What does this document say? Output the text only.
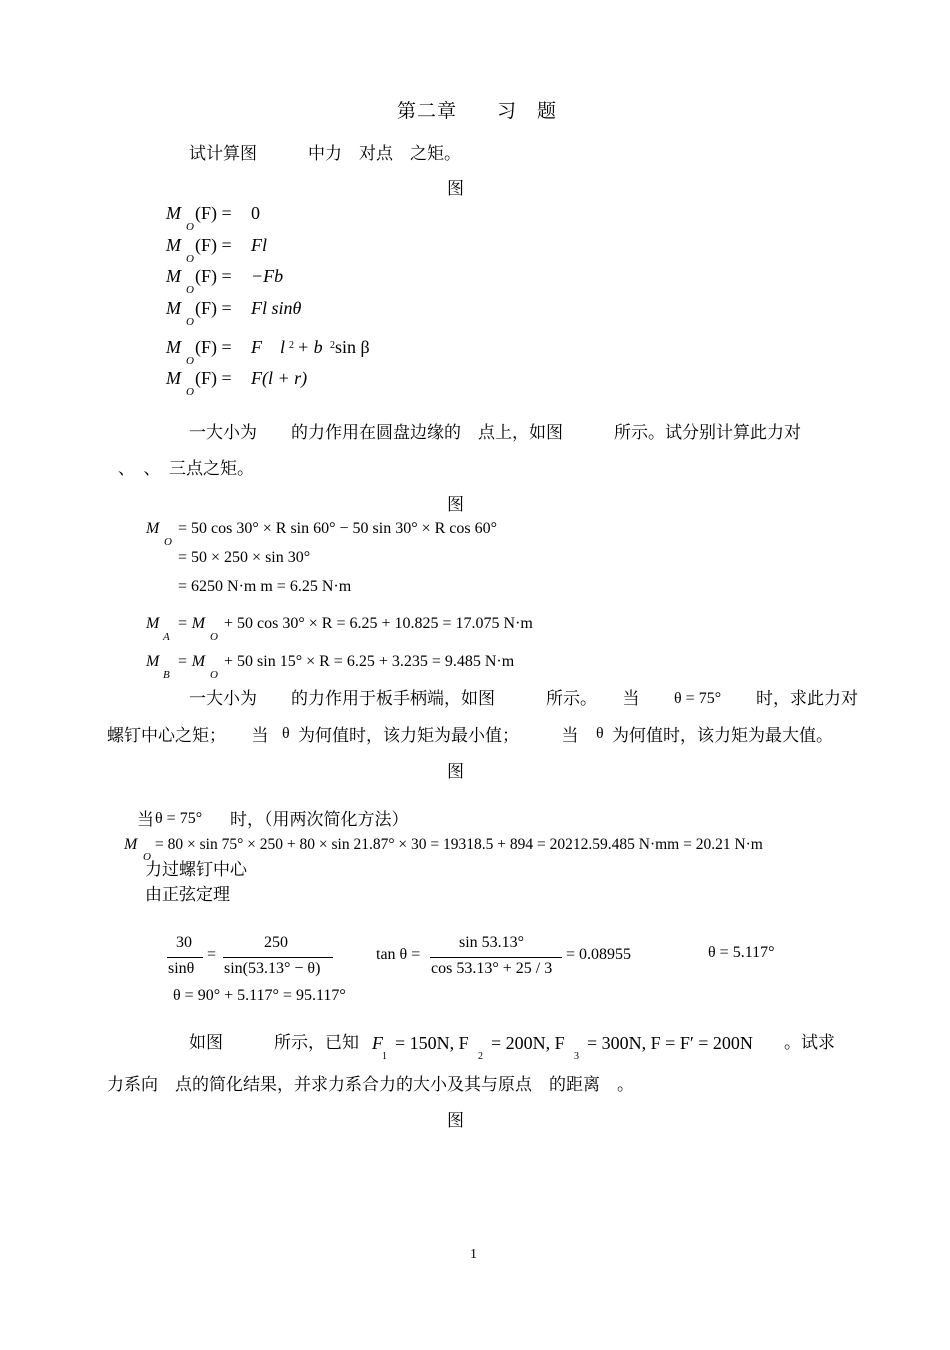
第二章　　习　题
试计算图　　　中力　对点　之矩。
图
M
O
(F) = 0
M
O
(F) = Fl
M
O
(F) = −Fb
M
O
(F) = Fl sinθ
M
O
(F) = F l 2 + b 2 sin β
M
O
(F) = F(l + r)
一大小为　　的力作用在圆盘边缘的　点上，如图　　　所示。试分别计算此力对
、　、　三点之矩。
图
M
O
= 50 cos 30° × R sin 60° − 50 sin 30° × R cos 60°
= 50 × 250 × sin 30°
= 6250 N·m m = 6.25 N·m
M
A
= M
O
+ 50 cos 30° × R = 6.25 + 10.825 = 17.075 N·m
M
B
= M
O
+ 50 sin 15° × R = 6.25 + 3.235 = 9.485 N·m
一大小为　　的力作用于板手柄端，如图　　　所示。　　当 θ = 75° 时，求此力对
螺钉中心之矩；　　当 θ 为何值时，该力矩为最小值；　　　当 θ 为何值时，该力矩为最大值。
图
当 θ = 75° 时，（用两次简化方法）
M
O
= 80 × sin 75° × 250 + 80 × sin 21.87° × 30 = 19318.5 + 894 = 20212.59.485 N·mm = 20.21 N·m
力过螺钉中心
由正弦定理
30
sinθ
=
250
sin(53.13° − θ)
tan θ =
sin 53.13°
cos 53.13° + 25 / 3
= 0.08955	θ = 5.117°
θ = 90° + 5.117° = 95.117°
如图　　　所示，已知 F
1
= 150N, F
2
= 200N, F
3
= 300N, F = F′ = 200N 。试求
力系向　点的简化结果，并求力系合力的大小及其与原点　的距离　。
图
1
